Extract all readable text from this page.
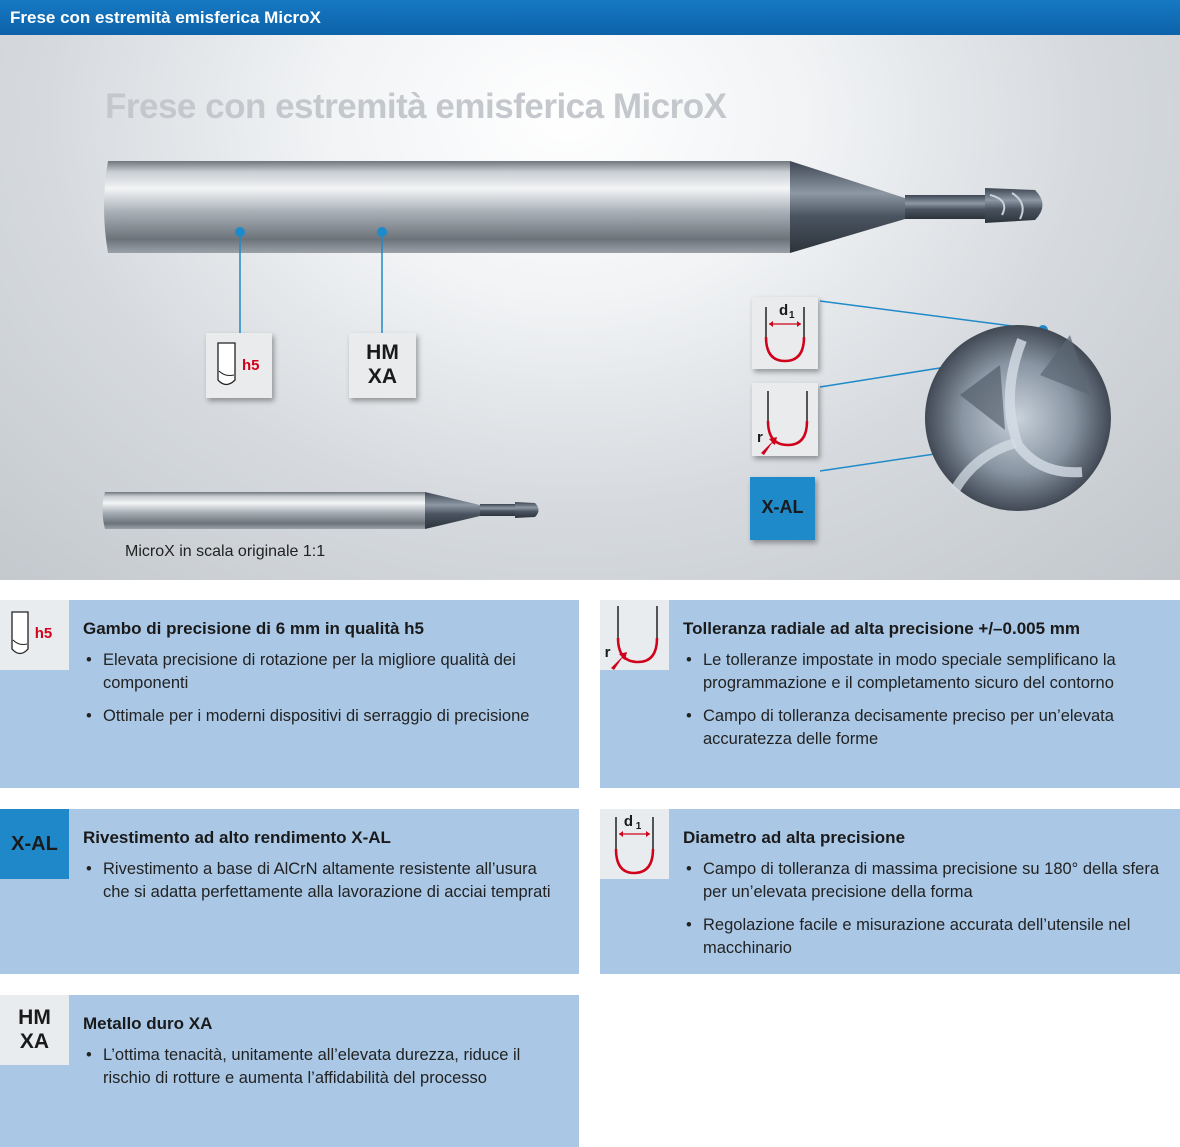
Frese con estremità emisferica MicroX
Frese con estremità emisferica MicroX
h5
HM
XA
d 1
r
X-AL
MicroX in scala originale 1:1
h5	Gambo di precisione di 6 mm in qualità h5
• Elevata precisione di rotazione per la migliore qualità dei componenti
• Ottimale per i moderni dispositivi di serraggio di precisione
X-AL	Rivestimento ad alto rendimento X-AL
• Rivestimento a base di AlCrN altamente resistente all’usura che si adatta perfettamente alla lavorazione di acciai temprati
HM
XA
Metallo duro XA
• L’ottima tenacità, unitamente all’elevata durezza, riduce il rischio di rotture e aumenta l’affidabilità del processo
r
Tolleranza radiale ad alta precisione +/–0.005 mm
• Le tolleranze impostate in modo speciale semplificano la programmazione e il completamento sicuro del contorno
• Campo di tolleranza decisamente preciso per un’elevata accuratezza delle forme
d 1
Diametro ad alta precisione
• Campo di tolleranza di massima precisione su 180° della sfera per un’elevata precisione della forma
• Regolazione facile e misurazione accurata dell’utensile nel macchinario
